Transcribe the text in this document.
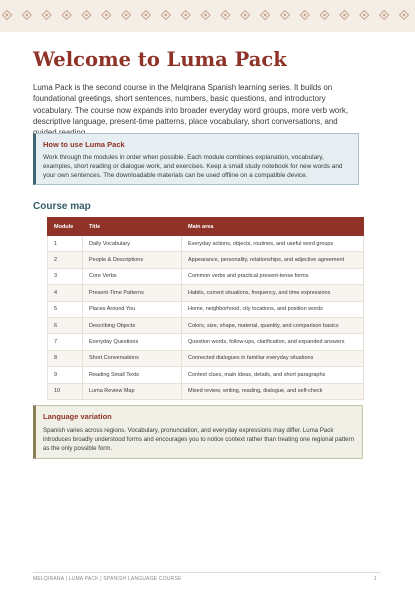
Welcome to Luma Pack

Luma Pack is the second course in the Melqirana Spanish learning series. It builds on foundational greetings, short sentences, numbers, basic questions, and introductory vocabulary. The course now expands into broader everyday word groups, more verb work, descriptive language, present-time patterns, place vocabulary, short conversations, and

How to use Luma Pack

Work through the modules in order when possible. Each module combines explanation, vocabulary, examples, short reading or dialogue work, and exercises. Keep a small study notebook for new words and your own sentences. The downloadable materials can be used offline on a compatible device.

Course map
Module	Title	Main area
1	Daily Vocabulary	Everyday actions, objects, routines, and useful word groups
2	People & Descriptions	Appearance, personality, relationships, and adjective agreement
3	Core Verbs	Common verbs and practical present-tense forms
4	Present-Time Patterns	Habits, current situations, frequency, and time expressions
5	Places Around You	Home, neighborhood, city locations, and position words
6	Describing Objects	Colors, size, shape, material, quantity, and comparison basics
7	Everyday Questions	Question words, follow-ups, clarification, and expanded answers
8	Short Conversations	Connected dialogues in familiar everyday situations
9	Reading Small Texts	Context clues, main ideas, details, and short paragraphs
10	Luma Review Map	Mixed review, writing, reading, dialogue, and self-check
Language variation

Spanish varies across regions. Vocabulary, pronunciation, and everyday expressions may differ. Luma Pack introduces broadly understood forms and encourages you to notice context rather than treating one regional pattern as the only possible form.

MELQIRANA | LUMA PACK | SPANISH LANGUAGE COURSE	1
